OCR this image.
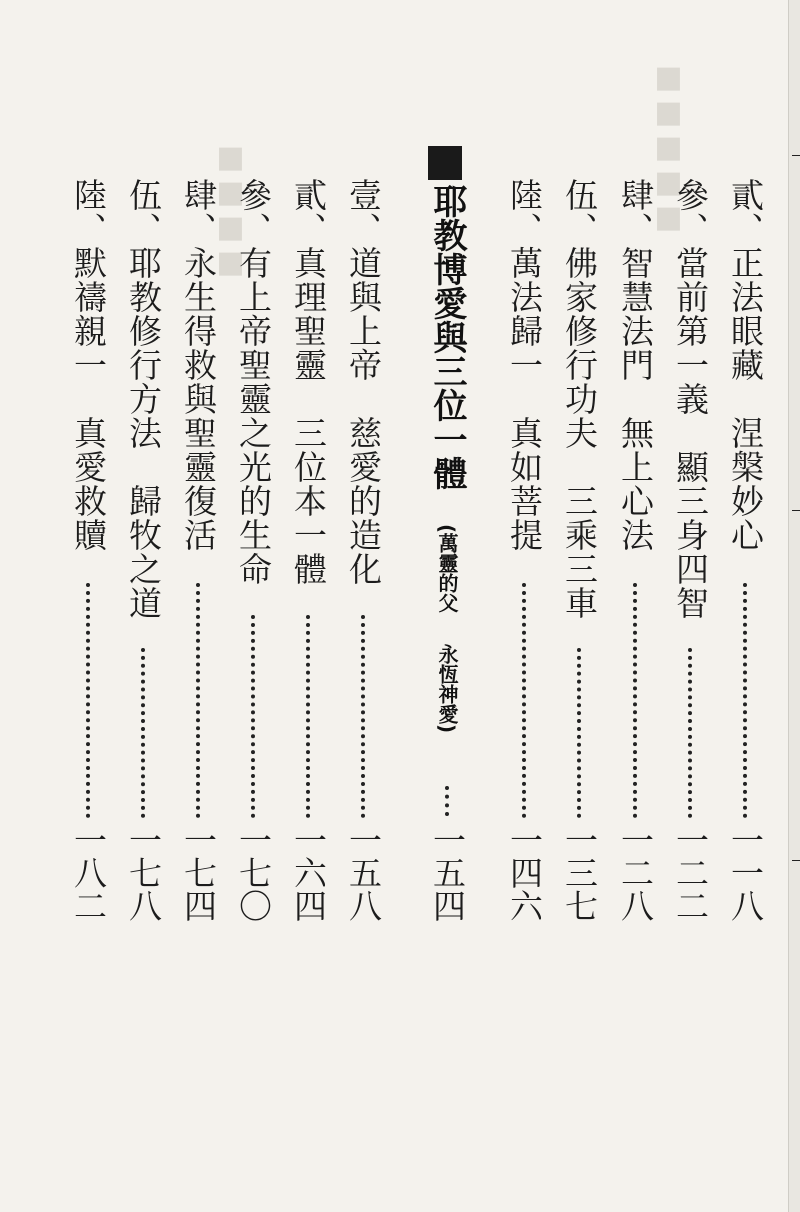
■■■■■
■■■■	貳、正法眼藏　涅槃妙心
一一八
參、當前第一義　顯三身四智
一二二
肆、智慧法門　無上心法
一二八
伍、佛家修行功夫　三乘三車
一三七
陸、萬法歸一　真如菩提
一四六
耶教博愛與三位一體
(萬靈的父
永恆神愛)
一五四
壹、道與上帝　慈愛的造化
一五八
貳、真理聖靈　三位本一體
一六四
參、有上帝聖靈之光的生命
一七〇
肆、永生得救與聖靈復活
一七四
伍、耶教修行方法　歸牧之道
一七八
陸、默禱親一　真愛救贖
一八二
